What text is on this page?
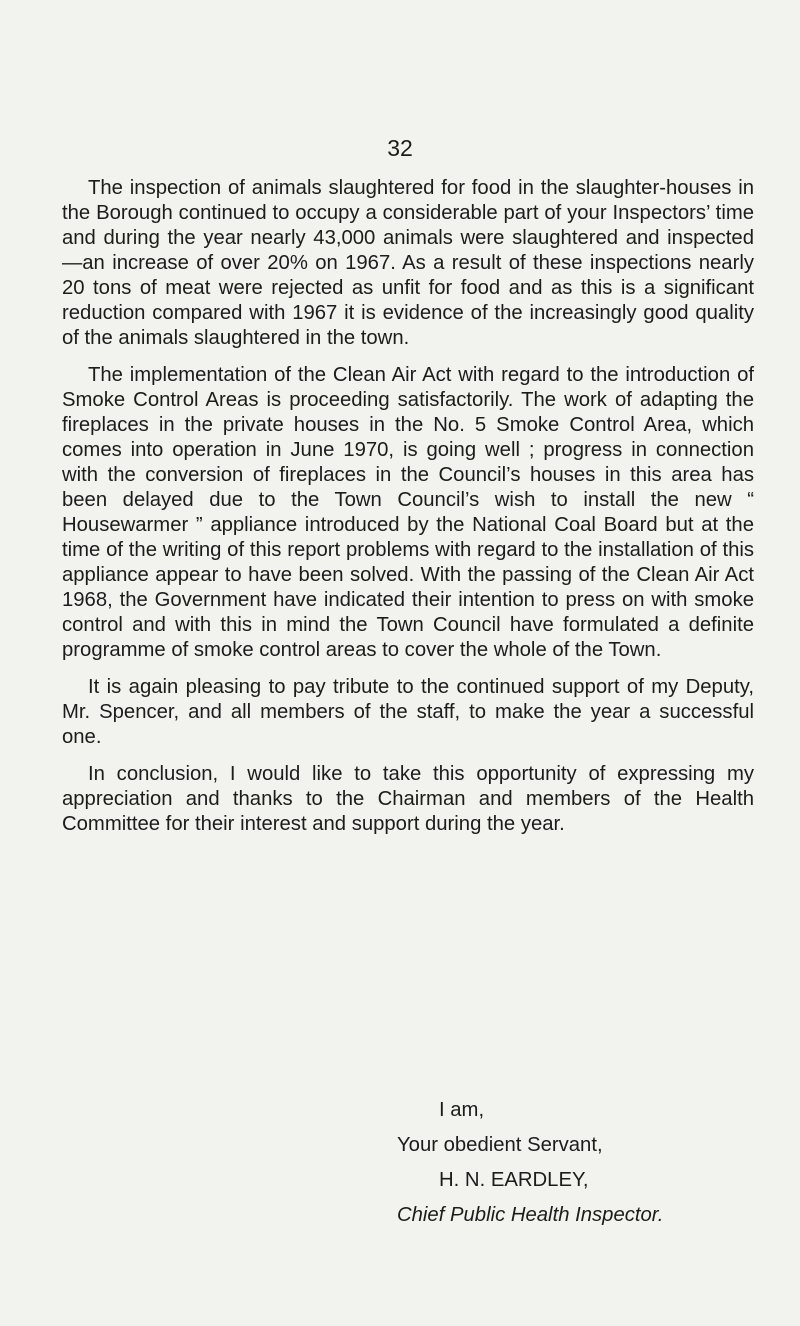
32

The inspection of animals slaughtered for food in the slaughter-houses in the Borough continued to occupy a considerable part of your Inspectors’ time and during the year nearly 43,000 animals were slaughtered and inspected—an increase of over 20% on 1967. As a result of these inspections nearly 20 tons of meat were rejected as unfit for food and as this is a significant reduction compared with 1967 it is evidence of the increasingly good quality of the animals slaughtered in the town.

The implementation of the Clean Air Act with regard to the introduction of Smoke Control Areas is proceeding satisfactorily. The work of adapting the fireplaces in the private houses in the No. 5 Smoke Control Area, which comes into operation in June 1970, is going well ; progress in connection with the conversion of fireplaces in the Council’s houses in this area has been delayed due to the Town Council’s wish to install the new “ Housewarmer ” appliance introduced by the National Coal Board but at the time of the writing of this report problems with regard to the installation of this appliance appear to have been solved. With the passing of the Clean Air Act 1968, the Government have indicated their intention to press on with smoke control and with this in mind the Town Council have formulated a definite programme of smoke control areas to cover the whole of the Town.

It is again pleasing to pay tribute to the continued support of my Deputy, Mr. Spencer, and all members of the staff, to make the year a successful one.

In conclusion, I would like to take this opportunity of expressing my appreciation and thanks to the Chairman and members of the Health Committee for their interest and support during the year.

I am,
Your obedient Servant,
H. N. EARDLEY,
Chief Public Health Inspector.
